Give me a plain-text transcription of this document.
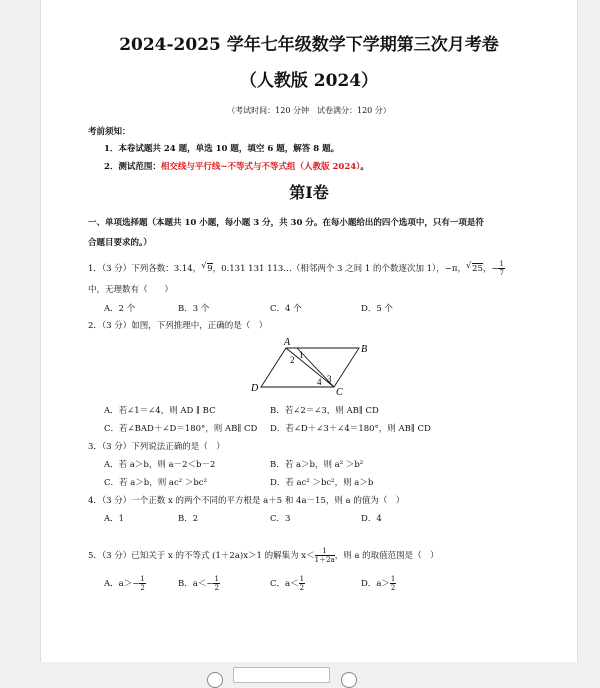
2024-2025 学年七年级数学下学期第三次月考卷
（人教版 2024）
（考试时间：120 分钟　试卷满分：120 分）
考前须知：
1．本卷试题共 24 题，单选 10 题，填空 6 题，解答 8 题。
2．测试范围：相交线与平行线~不等式与不等式组（人教版 2024）。
第Ⅰ卷
一、单项选择题（本题共 10 小题，每小题 3 分，共 30 分。在每小题给出的四个选项中，只有一项是符
合题目要求的。）
1．（3 分）下列各数：3.14， √ 9，0.131 131 113…（相邻两个 3 之间 1 的个数逐次加 1），−π， √ 25，− $\frac{1}{7}$
中，无理数有（　　）
A．2 个	B．3 个	C．4 个	D．5 个
2．（3 分）如图，下列推理中，正确的是（　）
A
B
C
D
1
2
3
4
A．若∠1＝∠4，则 AD ∥ BC	B．若∠2＝∠3，则 AB∥ CD
C．若∠BAD＋∠D＝180°，则 AB∥ CD D．若∠D＋∠3＋∠4＝180°，则 AB∥ CD
3．（3 分）下列说法正确的是（　）
A．若 a＞b，则 a－2＜b－2	B．若 a＞b，则 a² ＞b²
C．若 a＞b，则 ac² ＞bc²	D．若 ac² ＞bc²，则 a＞b
4．（3 分）一个正数 x 的两个不同的平方根是 a＋5 和 4a－15，则 a 的值为（　）
A．1	B．2	C．3	D．4
5．（3 分）已知关于 x 的不等式 (1＋2a)x＞1 的解集为 $x< \frac{1}{1+2a}$ ，则 a 的取值范围是（　）
A．$a>- \frac{1}{2}$	B．$a<- \frac{1}{2}$	C．$a< \frac{1}{2}$	D．$a> \frac{1}{2}$
